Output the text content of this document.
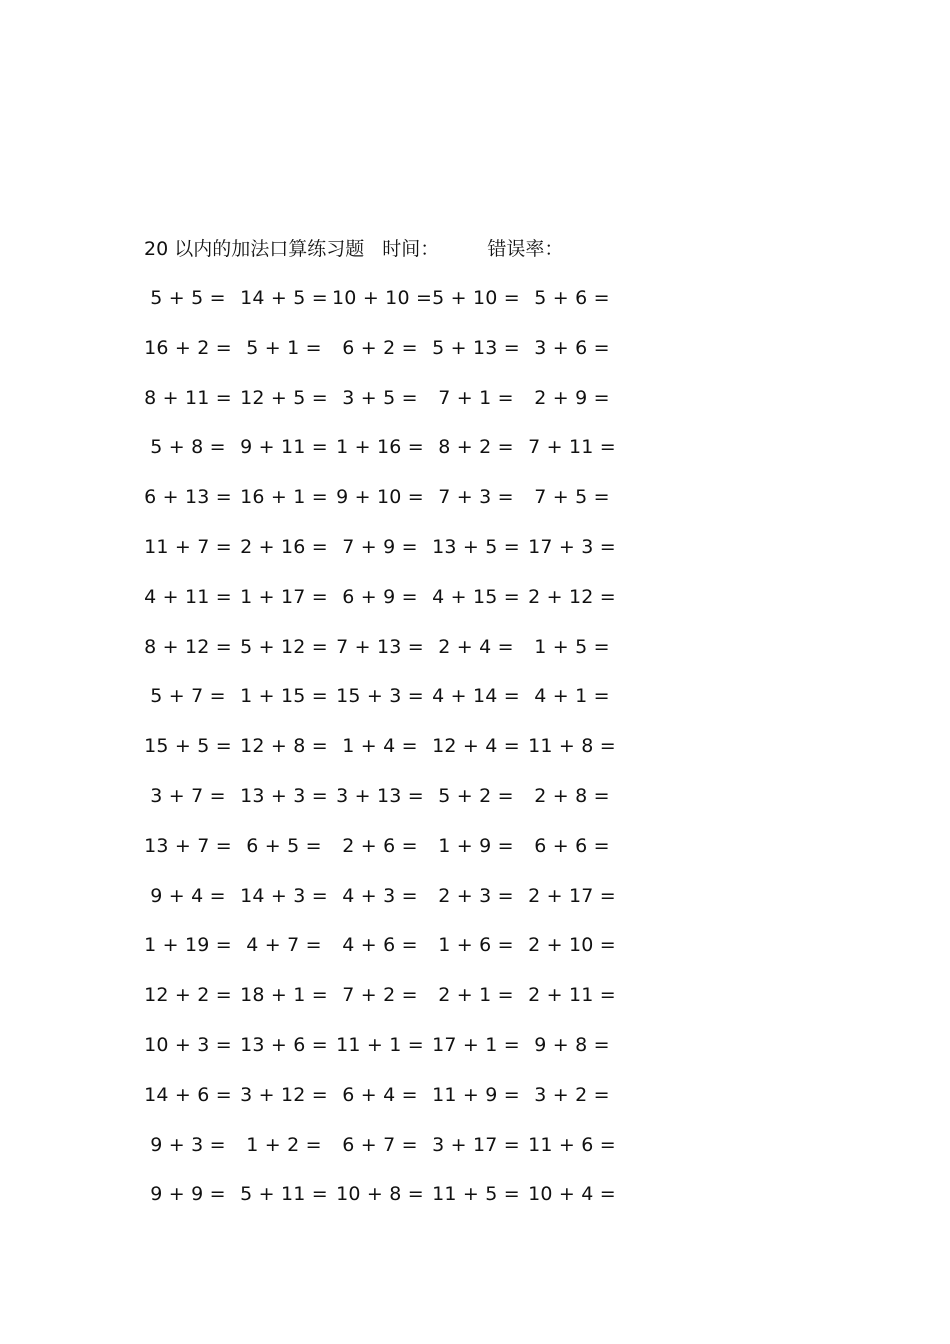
20 以内的加法口算练习题 时间：	错误率：
5 + 5 = 14 + 5 = 10 + 10 = 5 + 10 = 5 + 6 =
16 + 2 = 5 + 1 =	6 + 2 = 5 + 13 = 3 + 6 =
8 + 11 = 12 + 5 = 3 + 5 =	7 + 1 =	2 + 9 =
5 + 8 = 9 + 11 = 1 + 16 = 8 + 2 = 7 + 11 =
6 + 13 = 16 + 1 = 9 + 10 = 7 + 3 =	7 + 5 =
11 + 7 = 2 + 16 = 7 + 9 = 13 + 5 = 17 + 3 =
4 + 11 = 1 + 17 = 6 + 9 = 4 + 15 = 2 + 12 =
8 + 12 = 5 + 12 = 7 + 13 = 2 + 4 =	1 + 5 =
5 + 7 = 1 + 15 = 15 + 3 = 4 + 14 = 4 + 1 =
15 + 5 = 12 + 8 = 1 + 4 = 12 + 4 = 11 + 8 =
3 + 7 = 13 + 3 = 3 + 13 = 5 + 2 =	2 + 8 =
13 + 7 = 6 + 5 =	2 + 6 =	1 + 9 =	6 + 6 =
9 + 4 = 14 + 3 = 4 + 3 =	2 + 3 = 2 + 17 =
1 + 19 = 4 + 7 =	4 + 6 =	1 + 6 = 2 + 10 =
12 + 2 = 18 + 1 = 7 + 2 =	2 + 1 = 2 + 11 =
10 + 3 = 13 + 6 = 11 + 1 = 17 + 1 = 9 + 8 =
14 + 6 = 3 + 12 = 6 + 4 = 11 + 9 = 3 + 2 =
9 + 3 =	1 + 2 =	6 + 7 = 3 + 17 = 11 + 6 =
9 + 9 = 5 + 11 = 10 + 8 = 11 + 5 = 10 + 4 =
